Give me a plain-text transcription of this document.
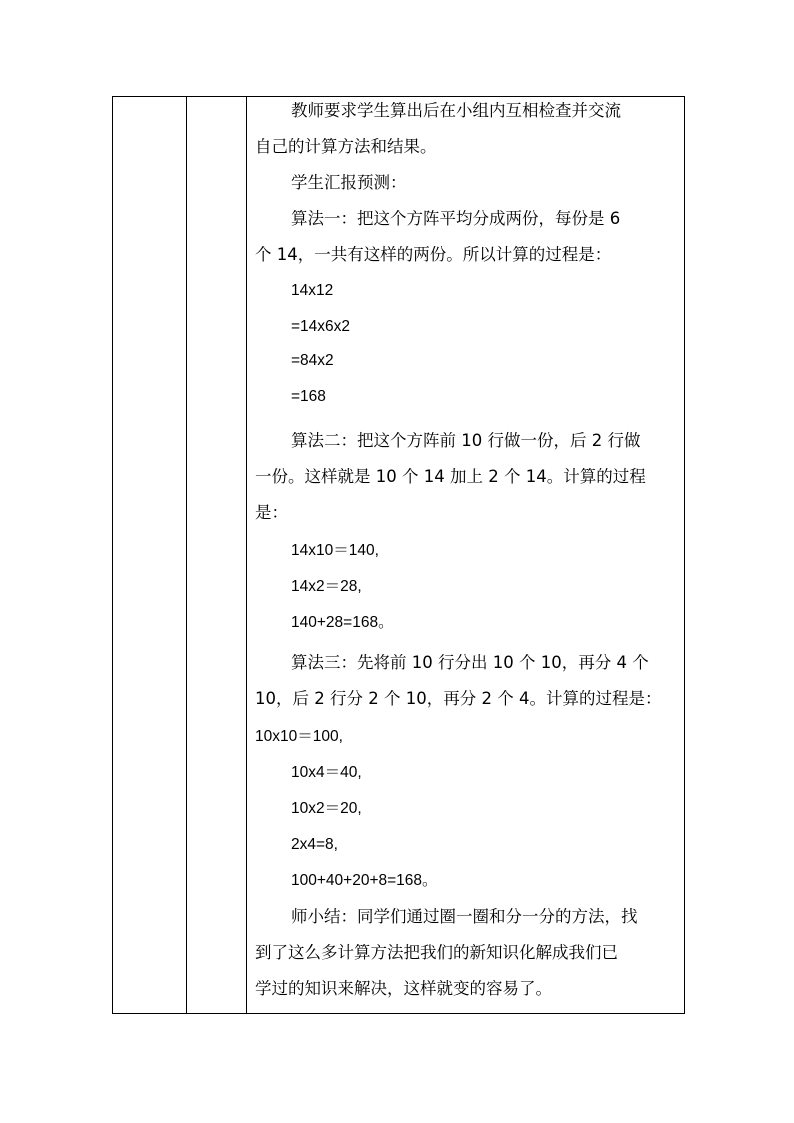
教师要求学生算出后在小组内互相检查并交流
自己的计算方法和结果。
学生汇报预测：
算法一：把这个方阵平均分成两份，每份是 6
个 14，一共有这样的两份。所以计算的过程是：
14x12
=14x6x2
=84x2
=168
算法二：把这个方阵前 10 行做一份，后 2 行做
一份。这样就是 10 个 14 加上 2 个 14。计算的过程
是：
14x10＝140,
14x2＝28,
140+28=168。
算法三：先将前 10 行分出 10 个 10，再分 4 个
10，后 2 行分 2 个 10，再分 2 个 4。计算的过程是：
10x10＝100,
10x4＝40,
10x2＝20,
2x4=8,
100+40+20+8=168。
师小结：同学们通过圈一圈和分一分的方法，找
到了这么多计算方法把我们的新知识化解成我们已
学过的知识来解决，这样就变的容易了。
